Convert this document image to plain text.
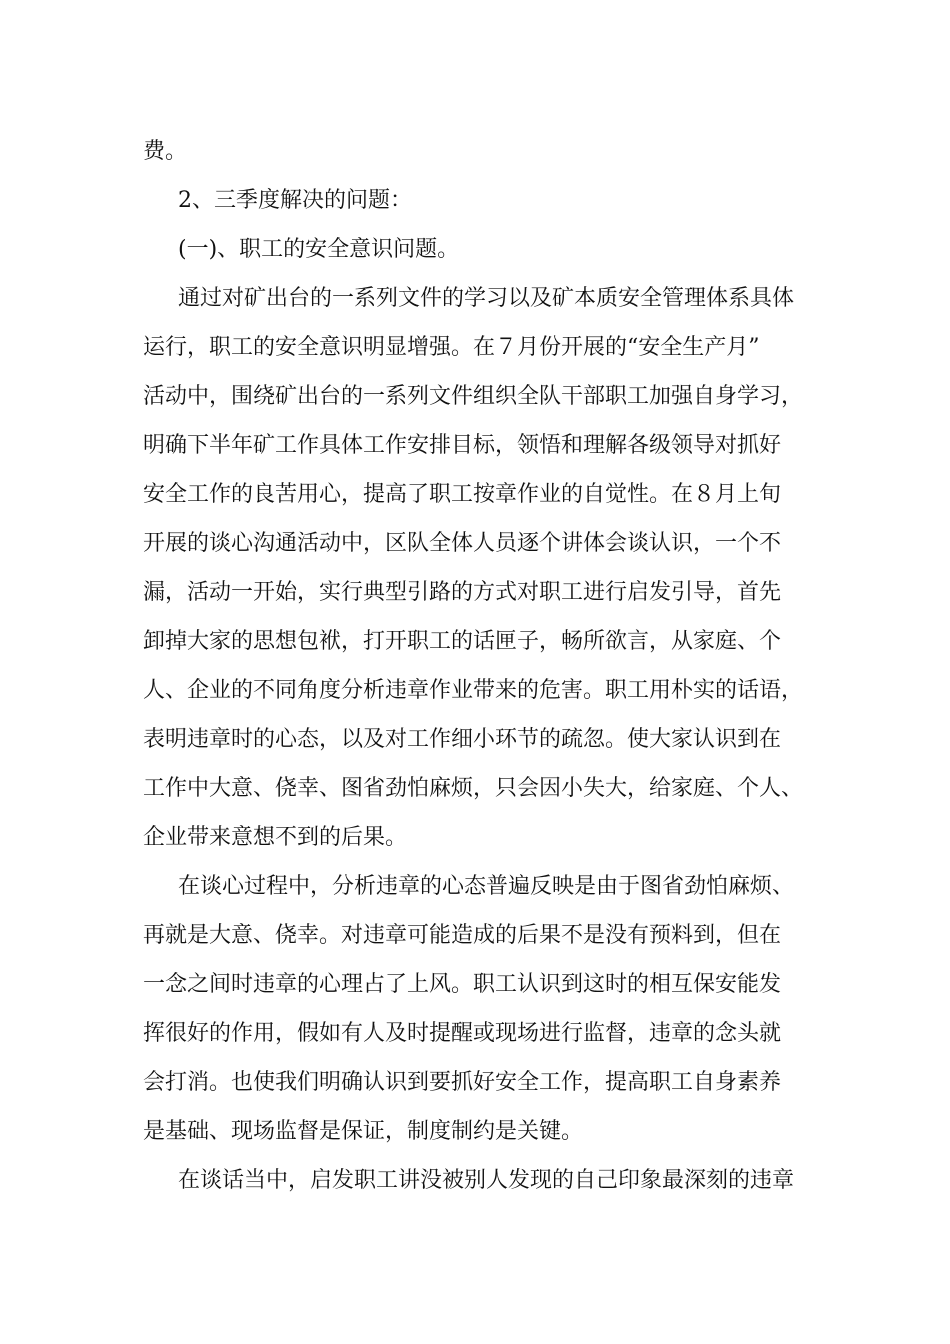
费。
2、三季度解决的问题：
(一)、职工的安全意识问题。
通过对矿出台的一系列文件的学习以及矿本质安全管理体系具体
运行，职工的安全意识明显增强。在７月份开展的“安全生产月”
活动中，围绕矿出台的一系列文件组织全队干部职工加强自身学习，
明确下半年矿工作具体工作安排目标，领悟和理解各级领导对抓好
安全工作的良苦用心，提高了职工按章作业的自觉性。在８月上旬
开展的谈心沟通活动中，区队全体人员逐个讲体会谈认识，一个不
漏，活动一开始，实行典型引路的方式对职工进行启发引导，首先
卸掉大家的思想包袱，打开职工的话匣子，畅所欲言，从家庭、个
人、企业的不同角度分析违章作业带来的危害。职工用朴实的话语，
表明违章时的心态，以及对工作细小环节的疏忽。使大家认识到在
工作中大意、侥幸、图省劲怕麻烦，只会因小失大，给家庭、个人、
企业带来意想不到的后果。
在谈心过程中，分析违章的心态普遍反映是由于图省劲怕麻烦、
再就是大意、侥幸。对违章可能造成的后果不是没有预料到，但在
一念之间时违章的心理占了上风。职工认识到这时的相互保安能发
挥很好的作用，假如有人及时提醒或现场进行监督，违章的念头就
会打消。也使我们明确认识到要抓好安全工作，提高职工自身素养
是基础、现场监督是保证，制度制约是关键。
在谈话当中，启发职工讲没被别人发现的自己印象最深刻的违章
